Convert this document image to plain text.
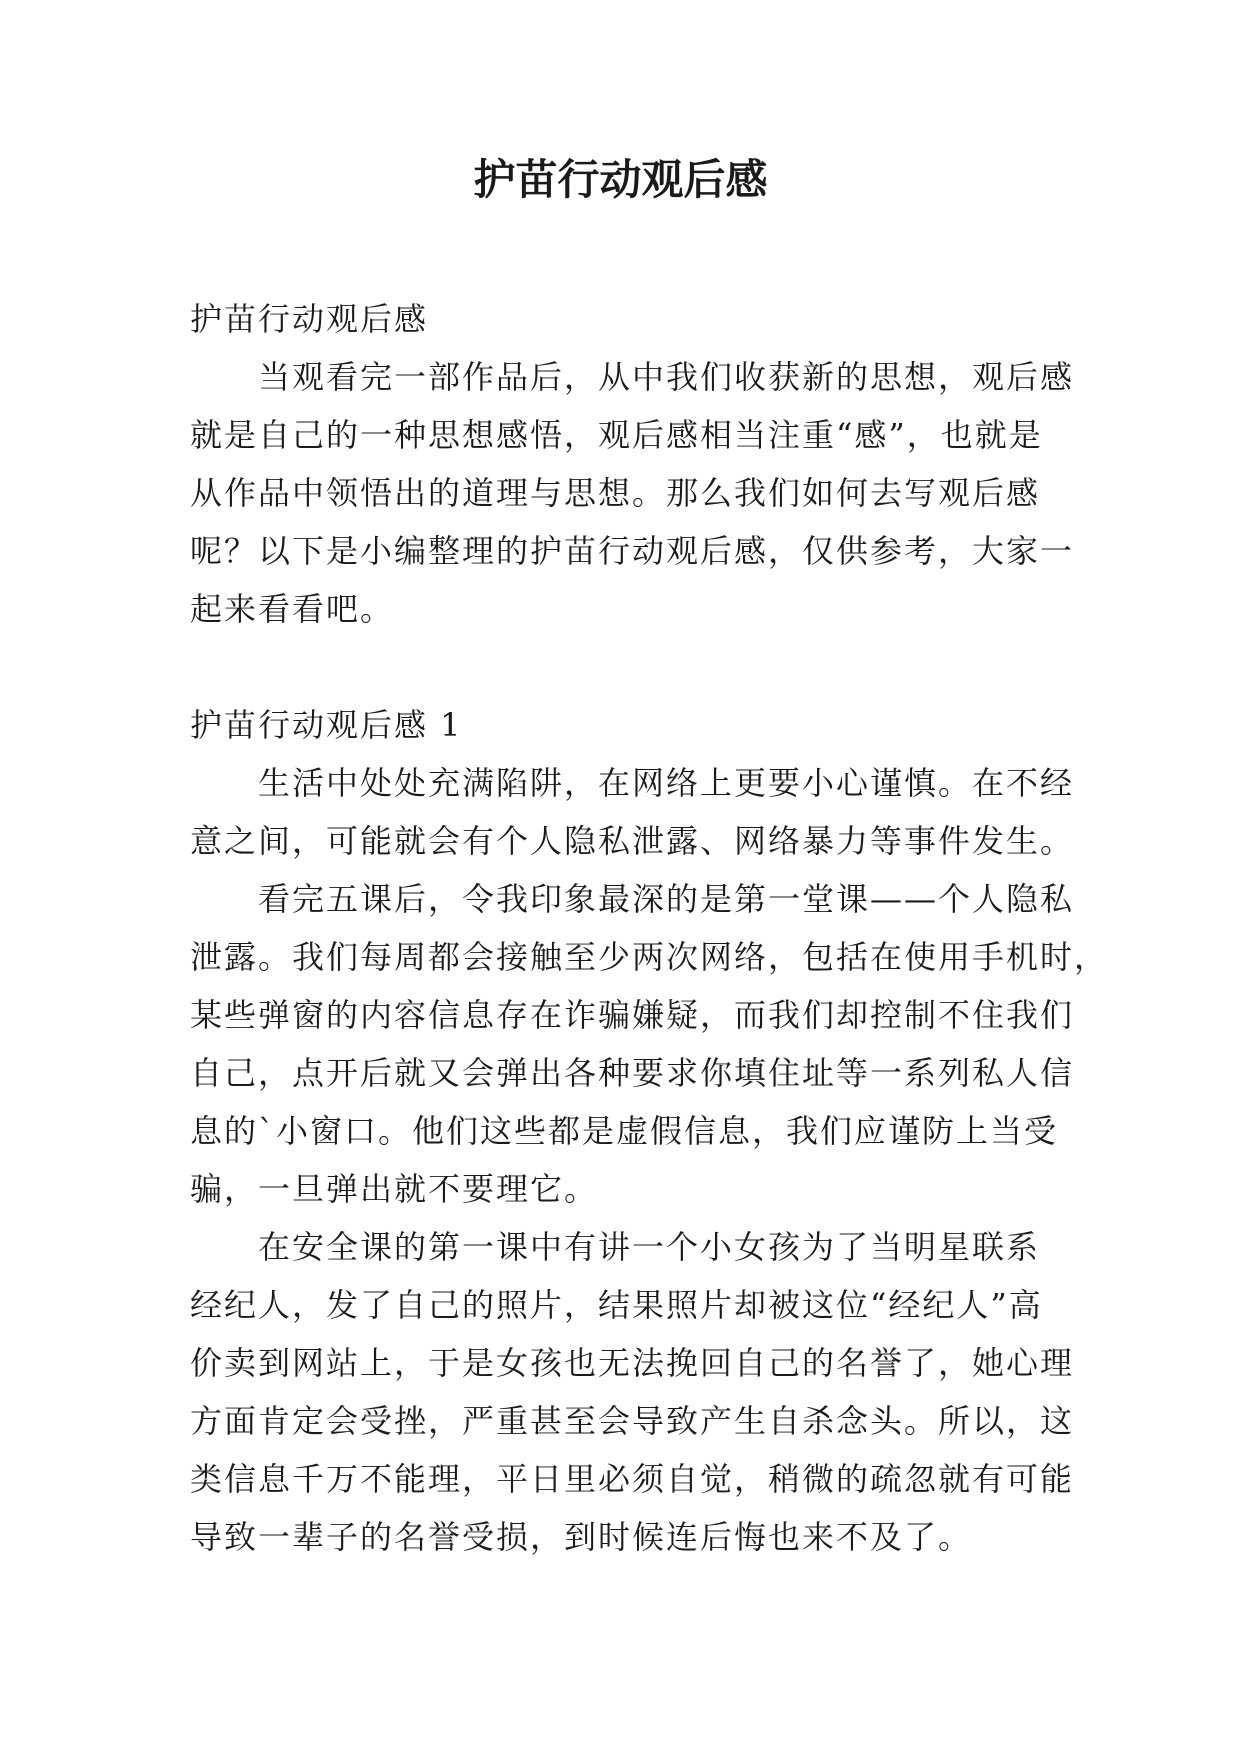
护苗行动观后感
护苗行动观后感
当观看完一部作品后，从中我们收获新的思想，观后感
就是自己的一种思想感悟，观后感相当注重“感”，也就是
从作品中领悟出的道理与思想。那么我们如何去写观后感
呢？以下是小编整理的护苗行动观后感，仅供参考，大家一
起来看看吧。
护苗行动观后感 1
生活中处处充满陷阱，在网络上更要小心谨慎。在不经
意之间，可能就会有个人隐私泄露、网络暴力等事件发生。
看完五课后，令我印象最深的是第一堂课——个人隐私
泄露。我们每周都会接触至少两次网络，包括在使用手机时，
某些弹窗的内容信息存在诈骗嫌疑，而我们却控制不住我们
自己，点开后就又会弹出各种要求你填住址等一系列私人信
息的`小窗口。他们这些都是虚假信息，我们应谨防上当受
骗，一旦弹出就不要理它。
在安全课的第一课中有讲一个小女孩为了当明星联系
经纪人，发了自己的照片，结果照片却被这位“经纪人”高
价卖到网站上，于是女孩也无法挽回自己的名誉了，她心理
方面肯定会受挫，严重甚至会导致产生自杀念头。所以，这
类信息千万不能理，平日里必须自觉，稍微的疏忽就有可能
导致一辈子的名誉受损，到时候连后悔也来不及了。
